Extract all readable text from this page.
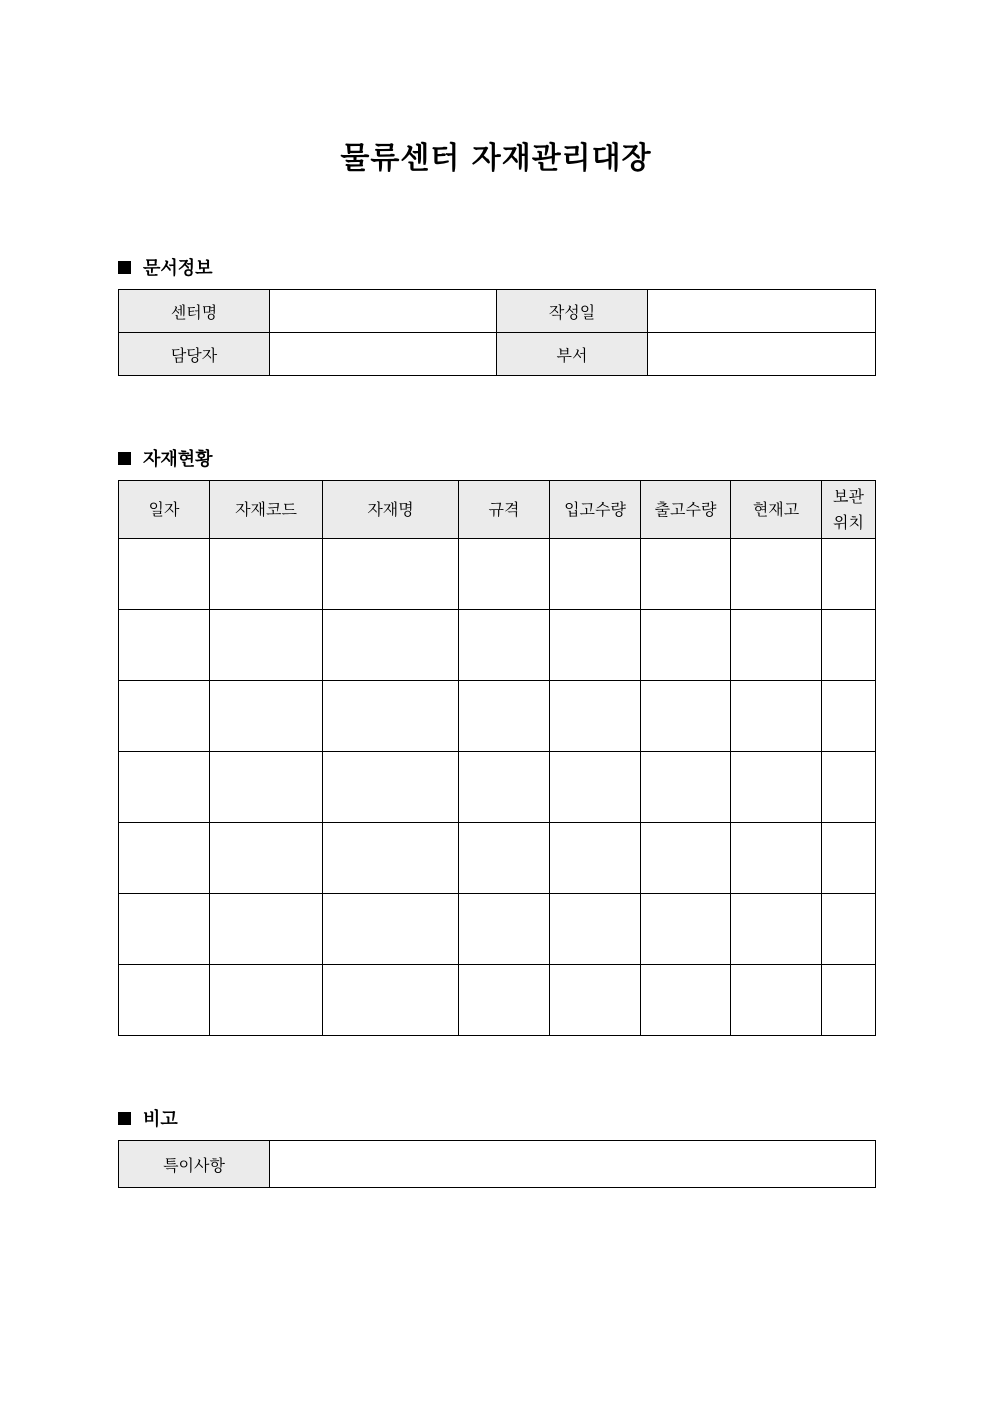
물류센터 자재관리대장
문서정보
센터명		작성일	
담당자		부서	
자재현황
일자	자재코드	자재명	규격	입고수량	출고수량	현재고	보관
위치

비고
특이사항	
